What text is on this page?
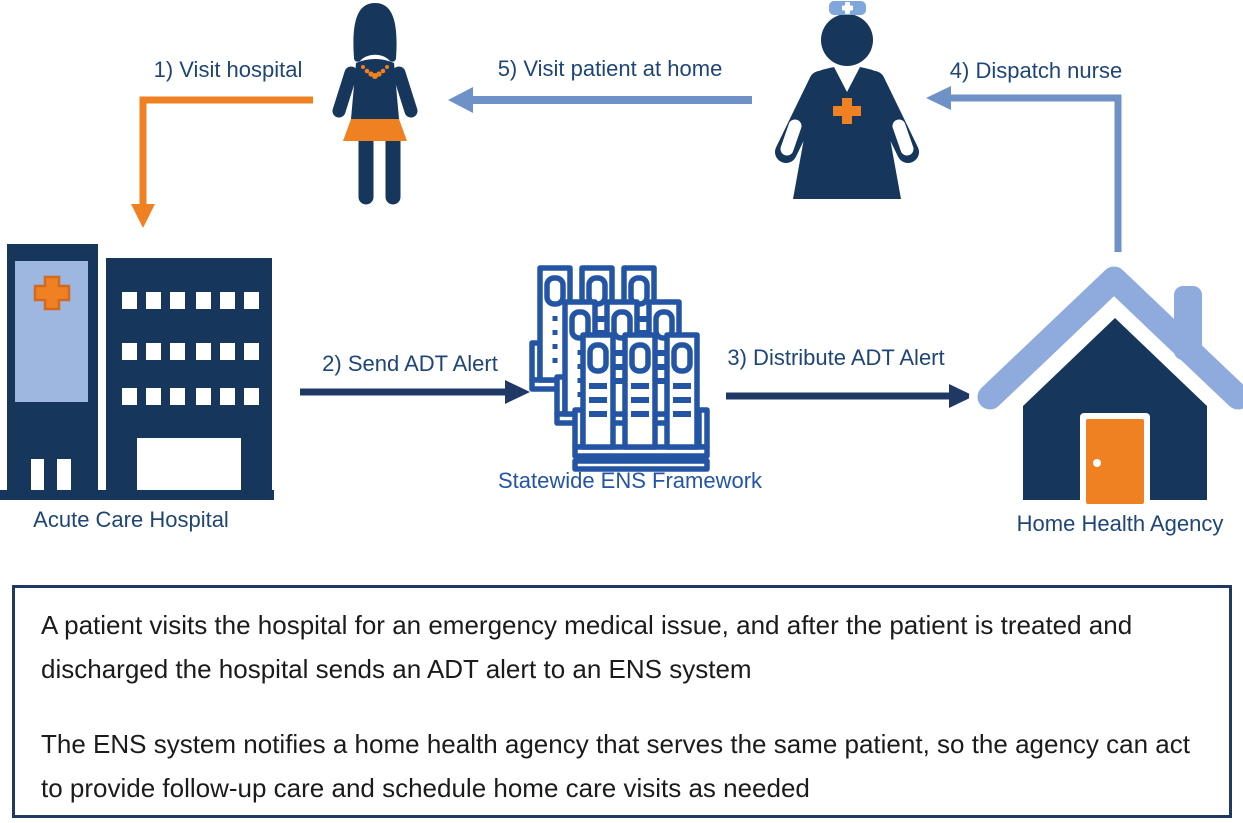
1) Visit hospital
2) Send ADT Alert	3) Distribute ADT Alert
4) Dispatch nurse
5) Visit patient at home
Acute Care Hospital
Statewide ENS Framework
Home Health Agency

A patient visits the hospital for an emergency medical issue, and after the patient is treated and discharged the hospital sends an ADT alert to an ENS system

The ENS system notifies a home health agency that serves the same patient, so the agency can act to provide follow-up care and schedule home care visits as needed
